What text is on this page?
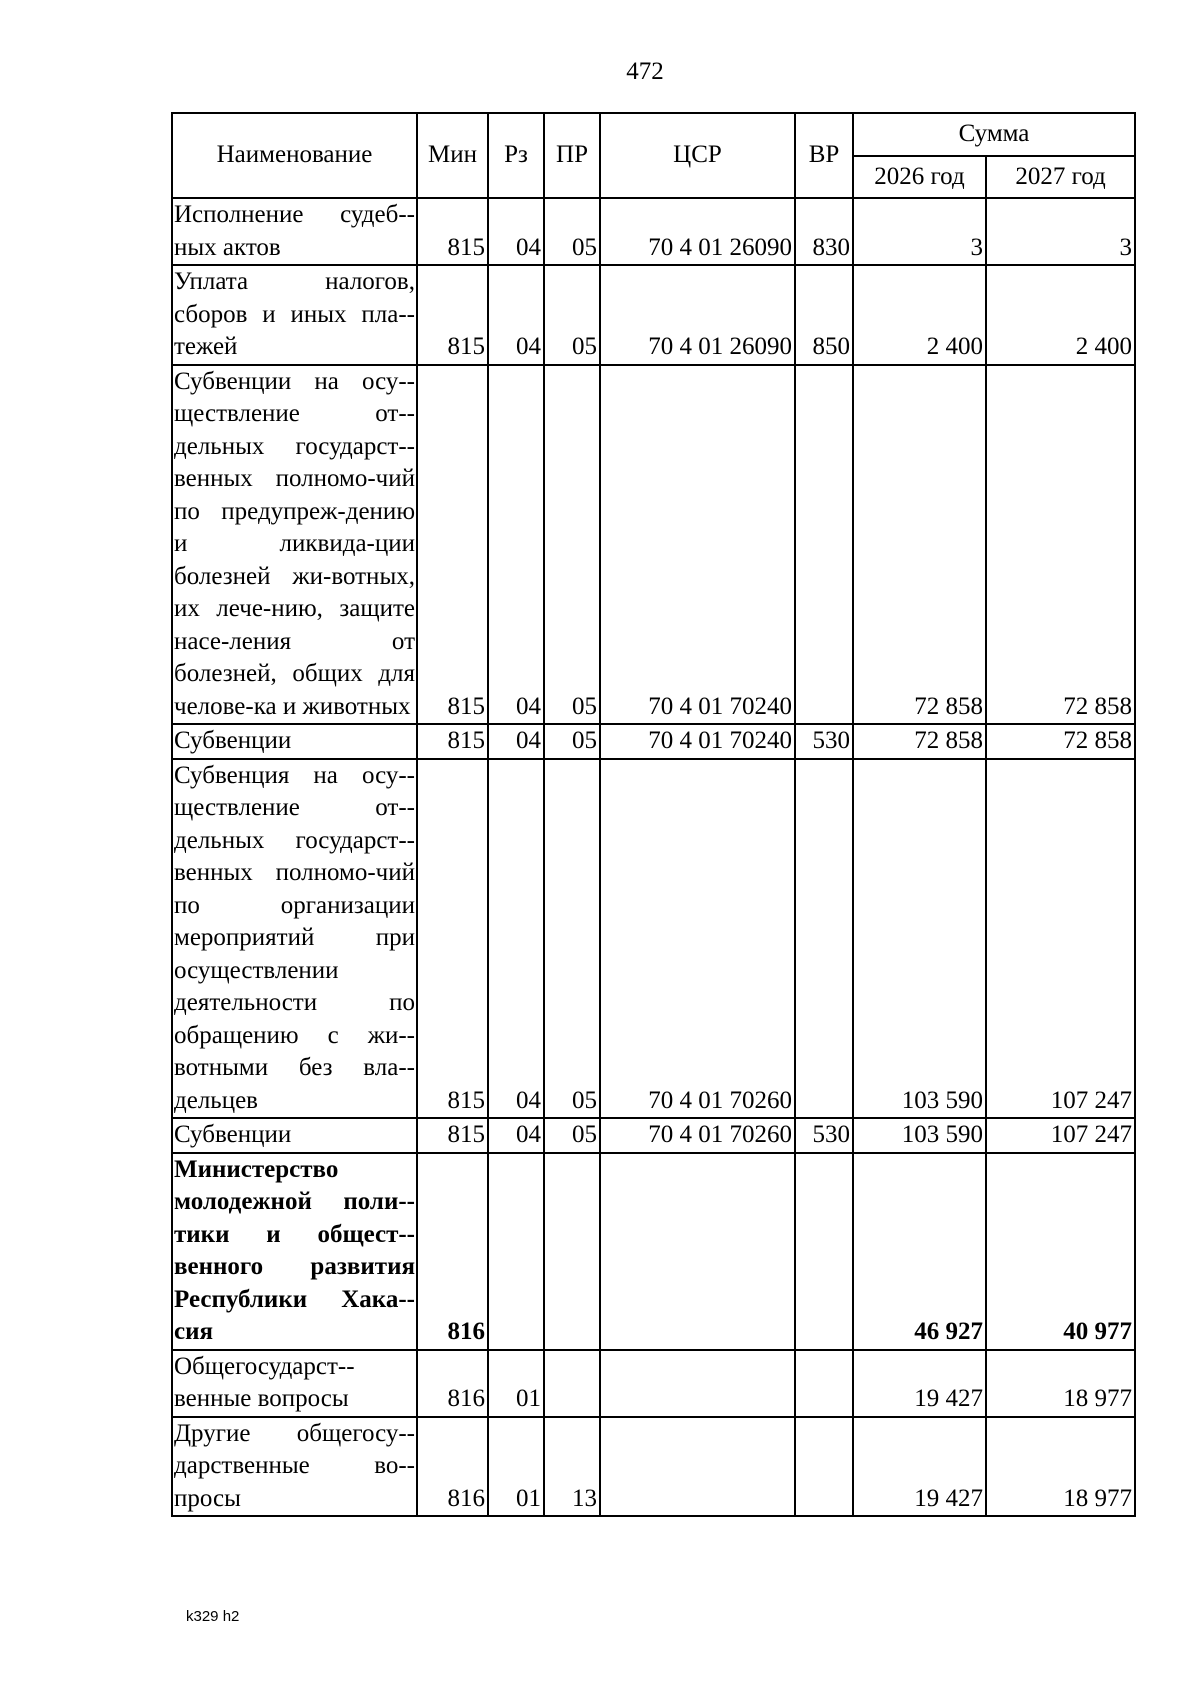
472
Наименование	Мин	Рз	ПР	ЦСР	ВР	Сумма	
						2026 год	2027 год
Исполнение судеб-ных актов	815	04	05	70 4 01 26090	830	3	3
Уплата налогов, сборов и иных пла-тежей	815	04	05	70 4 01 26090	850	2 400	2 400
Субвенции на осу-ществление от-дельных государст-венных полномо-чий по предупреж-дению и ликвида-ции болезней жи-вотных, их лече-нию, защите насе-ления от болезней, общих для челове-ка и животных	815	04	05	70 4 01 70240		72 858	72 858
Субвенции	815	04	05	70 4 01 70240	530	72 858	72 858
Субвенция на осу-ществление от-дельных государст-венных полномо-чий по организации мероприятий при осуществлении деятельности по обращению с жи-вотными без вла-дельцев	815	04	05	70 4 01 70260		103 590	107 247
Субвенции	815	04	05	70 4 01 70260	530	103 590	107 247
Министерство молодежной поли-тики и общест-венного развития Республики Хака-сия	816					46 927	40 977
Общегосударст-венные вопросы	816	01				19 427	18 977
Другие общегосу-дарственные во-просы	816	01	13			19 427	18 977
k329 h2
